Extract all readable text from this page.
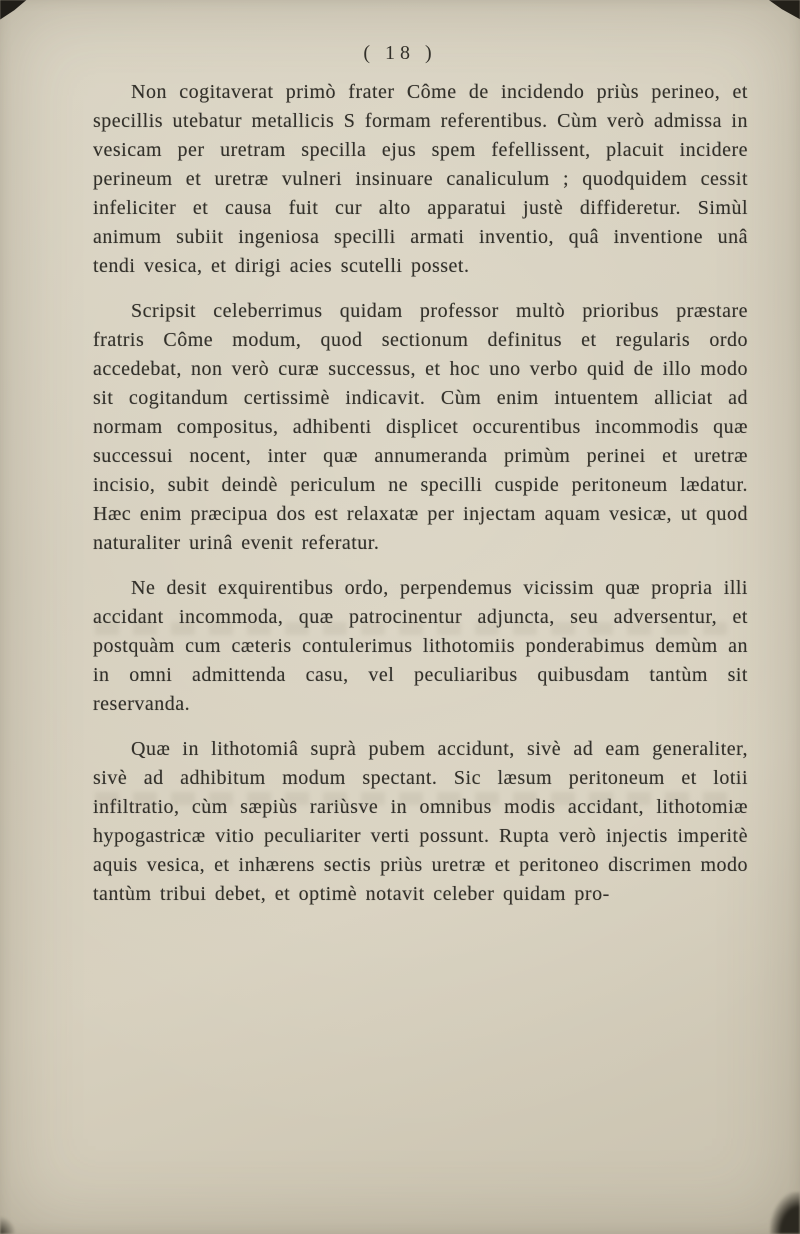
( 18 )

Non cogitaverat primò frater Côme de incidendo priùs perineo, et specillis utebatur metallicis S formam referentibus. Cùm verò admissa in vesicam per uretram specilla ejus spem fefellissent, placuit incidere perineum et uretræ vulneri insinuare canaliculum ; quodquidem cessit infeliciter et causa fuit cur alto apparatui justè diffideretur. Simùl animum subiit ingeniosa specilli armati inventio, quâ inventione unâ tendi vesica, et dirigi acies scutelli posset.

Scripsit celeberrimus quidam professor multò prioribus præstare fratris Côme modum, quod sectionum definitus et regularis ordo accedebat, non verò curæ successus, et hoc uno verbo quid de illo modo sit cogitandum certissimè indicavit. Cùm enim intuentem alliciat ad normam compositus, adhibenti displicet occurentibus incommodis quæ successui nocent, inter quæ annumeranda primùm perinei et uretræ incisio, subit deindè periculum ne specilli cuspide peritoneum lædatur. Hæc enim præcipua dos est relaxatæ per injectam aquam vesicæ, ut quod naturaliter urinâ evenit referatur.

Ne desit exquirentibus ordo, perpendemus vicissim quæ propria illi accidant incommoda, quæ patrocinentur adjuncta, seu adversentur, et postquàm cum cæteris contulerimus lithotomiis ponderabimus demùm an in omni admittenda casu, vel peculiaribus quibusdam tantùm sit reservanda.

Quæ in lithotomiâ suprà pubem accidunt, sivè ad eam generaliter, sivè ad adhibitum modum spectant. Sic læsum peritoneum et lotii infiltratio, cùm sæpiùs rariùsve in omnibus modis accidant, lithotomiæ hypogastricæ vitio peculiariter verti possunt. Rupta verò injectis imperitè aquis vesica, et inhærens sectis priùs uretræ et peritoneo discrimen modo tantùm tribui debet, et optimè notavit celeber quidam pro-
